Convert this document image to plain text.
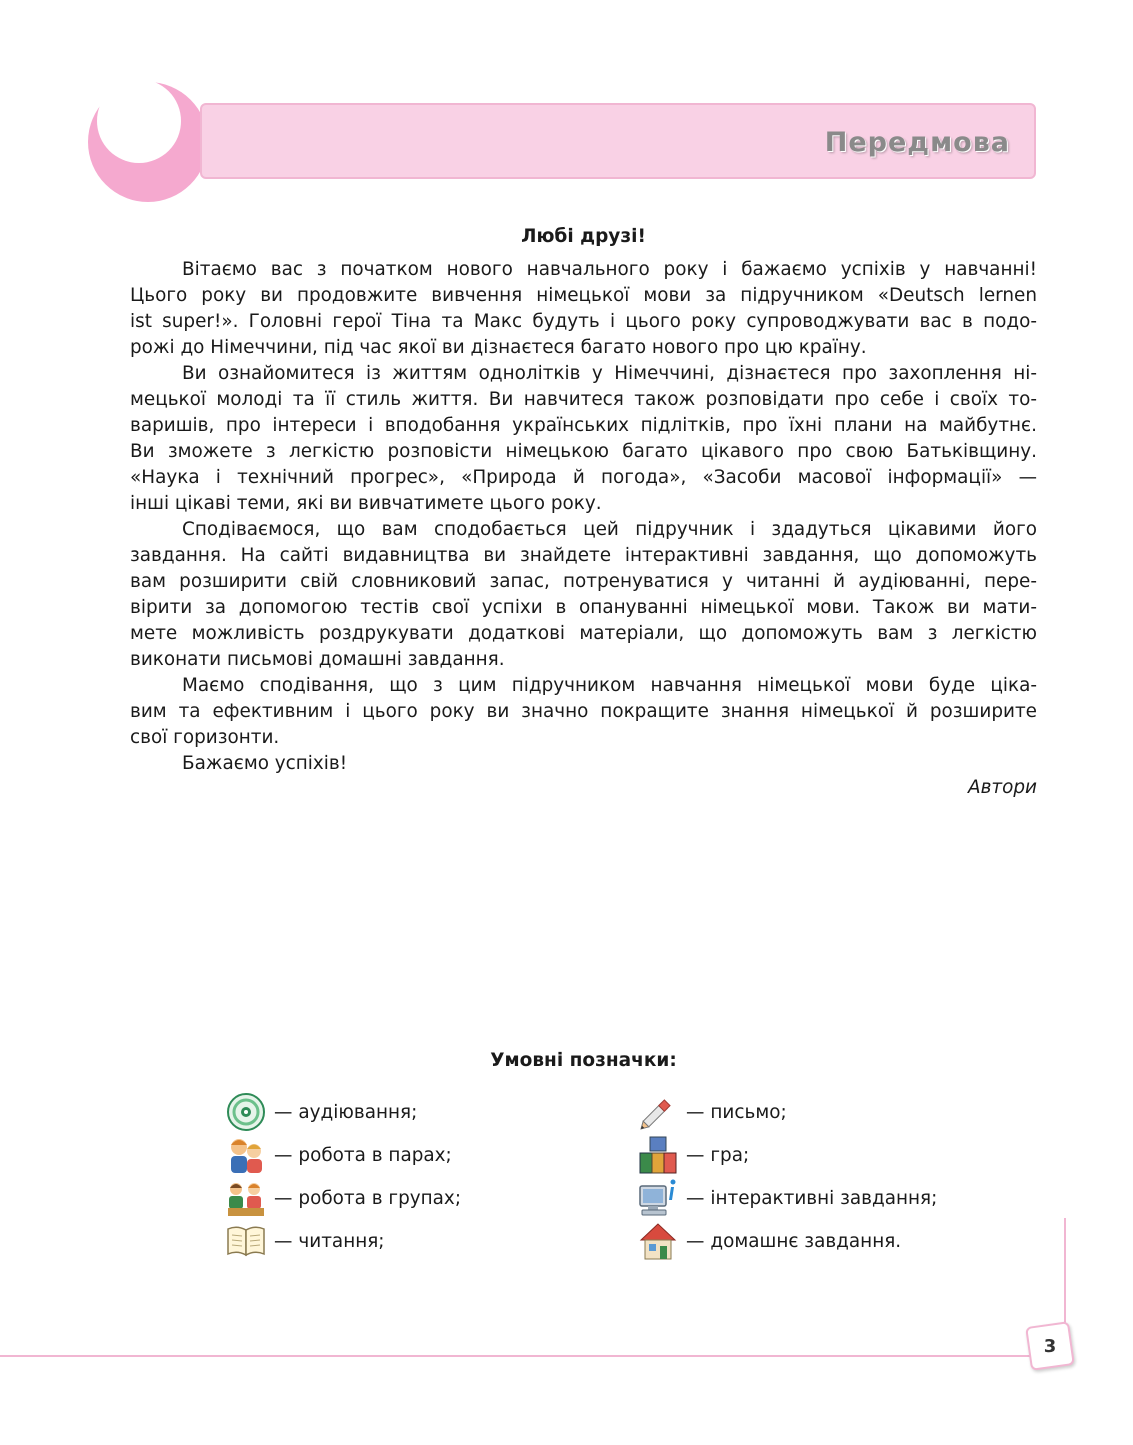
Передмова
Любі друзі!
Вітаємо вас з початком нового навчального року і бажаємо успіхів у навчанні!
Цього року ви продовжите вивчення німецької мови за підручником «Deutsch lernen
ist super!». Головні герої Тіна та Макс будуть і цього року супроводжувати вас в подо-
рожі до Німеччини, під час якої ви дізнаєтеся багато нового про цю країну.
Ви ознайомитеся із життям однолітків у Німеччині, дізнаєтеся про захоплення ні-
мецької молоді та її стиль життя. Ви навчитеся також розповідати про себе і своїх то-
варишів, про інтереси і вподобання українських підлітків, про їхні плани на майбутнє.
Ви зможете з легкістю розповісти німецькою багато цікавого про свою Батьківщину.
«Наука і технічний прогрес», «Природа й погода», «Засоби масової інформації» —
інші цікаві теми, які ви вивчатимете цього року.
Сподіваємося, що вам сподобається цей підручник і здадуться цікавими його
завдання. На сайті видавництва ви знайдете інтерактивні завдання, що допоможуть
вам розширити свій словниковий запас, потренуватися у читанні й аудіюванні, пере-
вірити за допомогою тестів свої успіхи в опануванні німецької мови. Також ви мати-
мете можливість роздрукувати додаткові матеріали, що допоможуть вам з легкістю
виконати письмові домашні завдання.
Маємо сподівання, що з цим підручником навчання німецької мови буде ціка-
вим та ефективним і цього року ви значно покращите знання німецької й розширите
свої горизонти.
Бажаємо успіхів!
Автори
Умовні позначки:
— аудіювання;
— робота в парах;
— робота в групах;
— читання;
— письмо;
— гра;
— інтерактивні завдання;
— домашнє завдання.
3
